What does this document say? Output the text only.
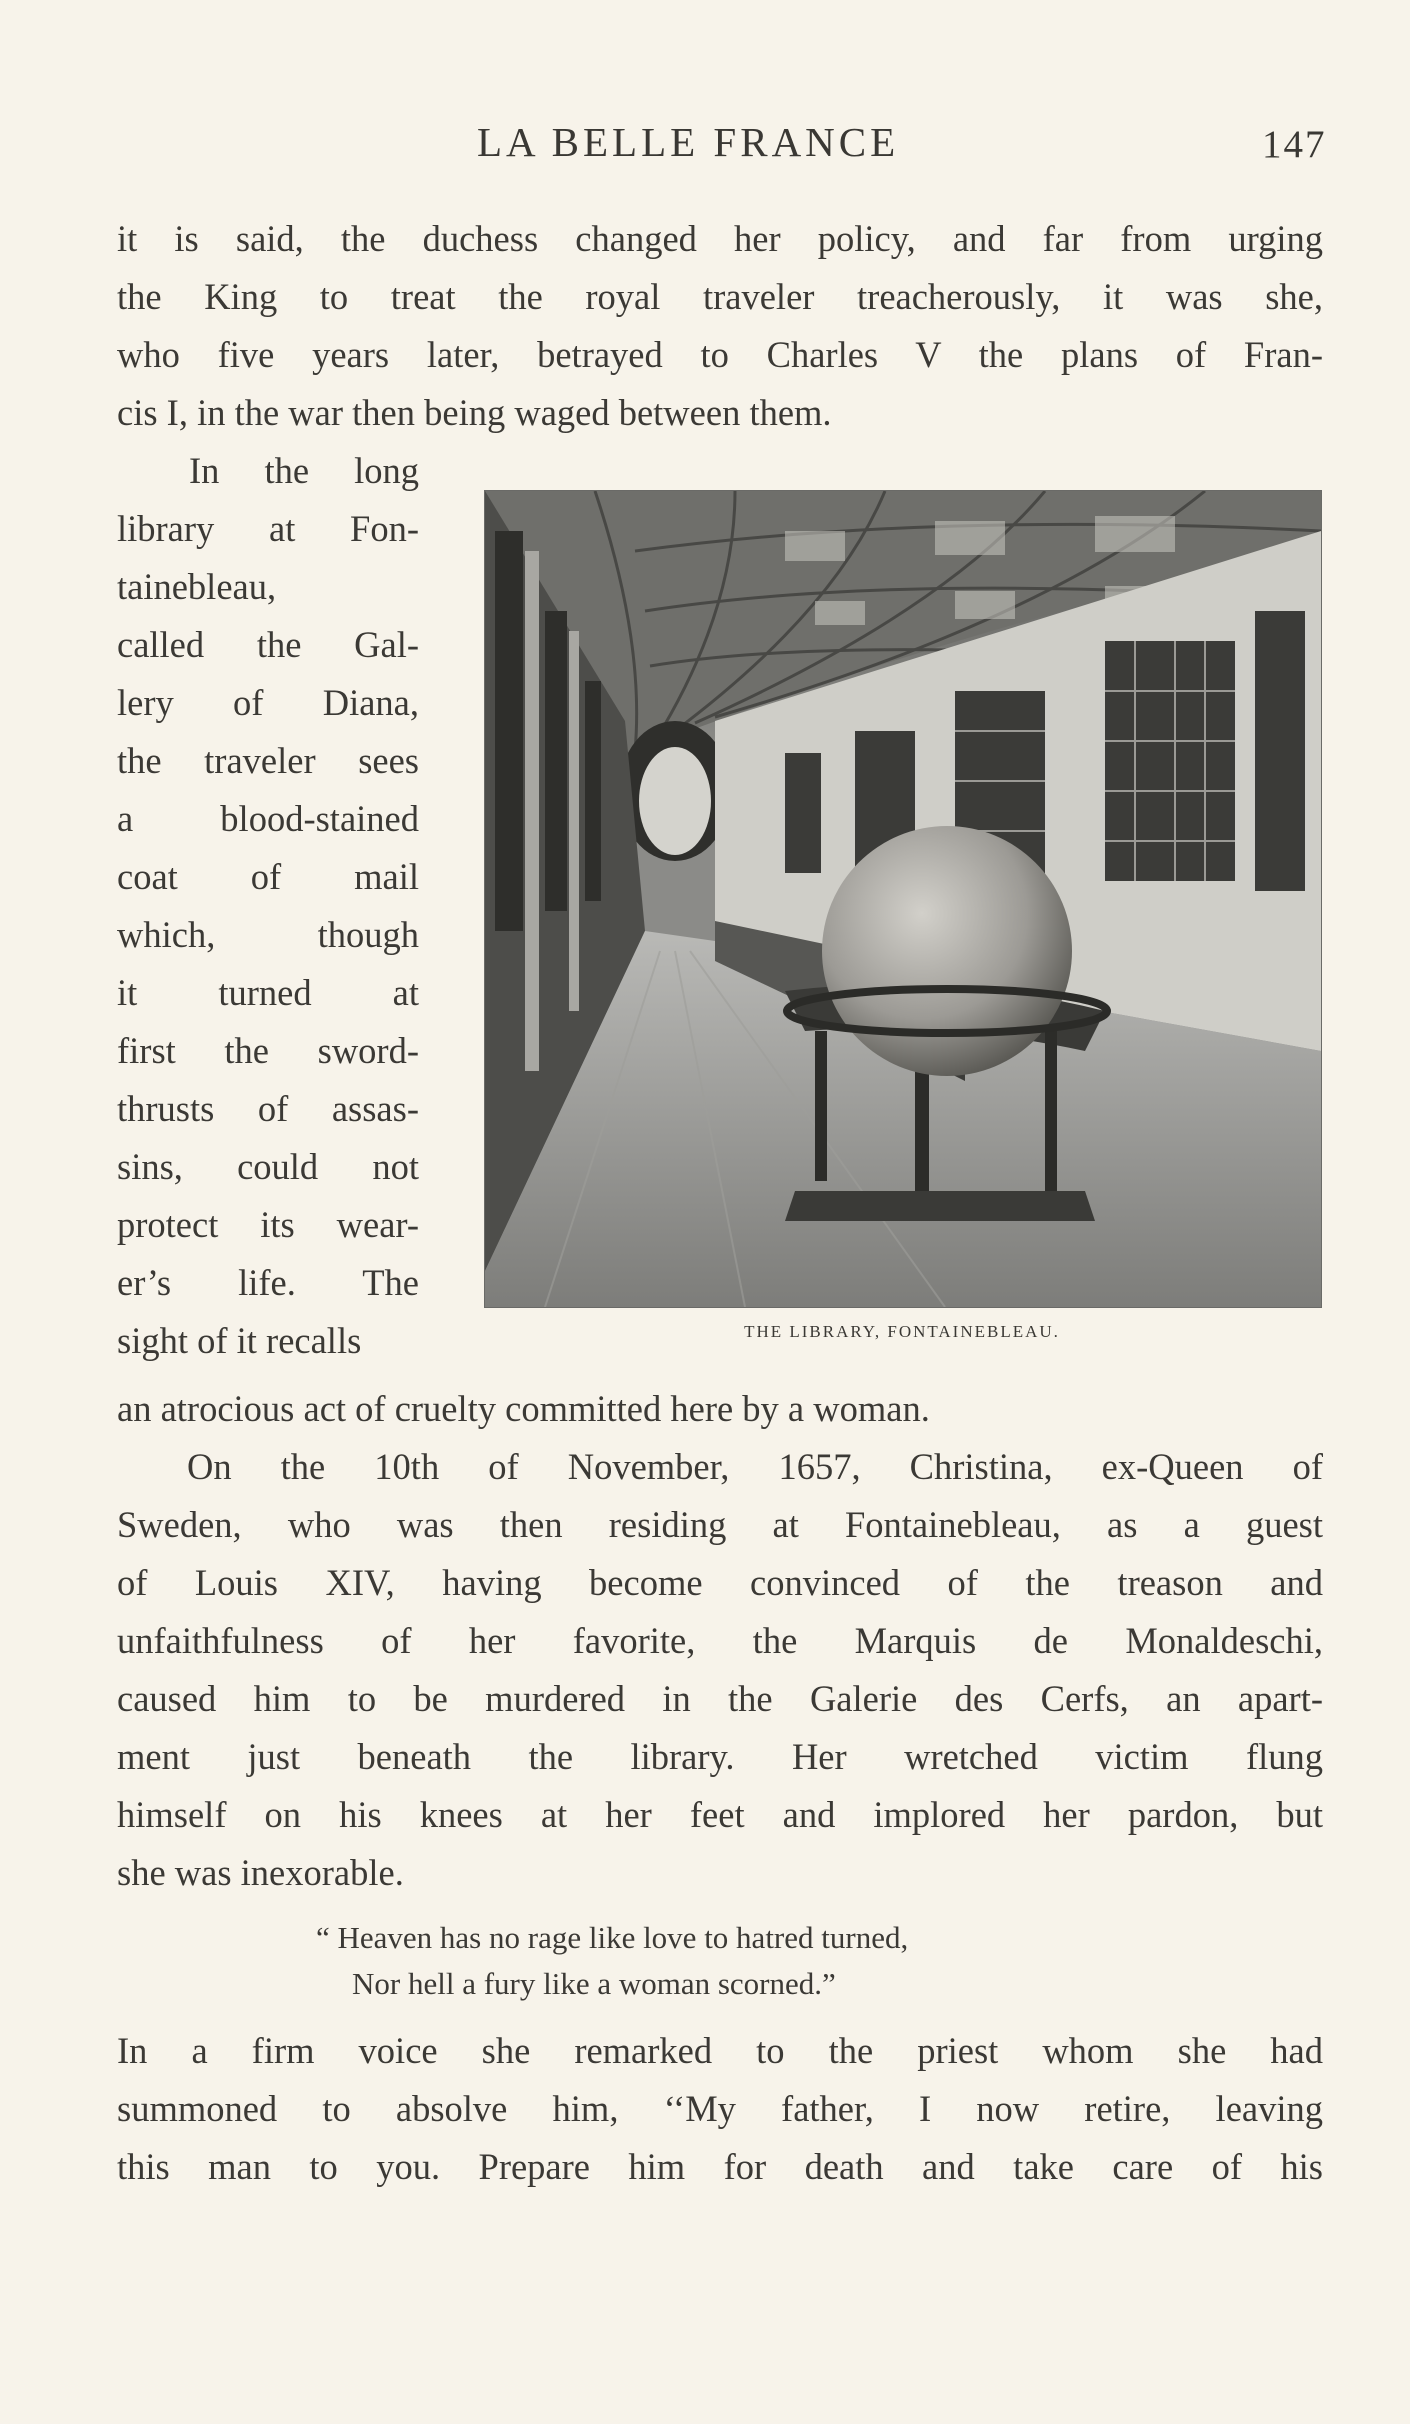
LA BELLE FRANCE	147
it is said, the duchess changed her policy, and far from urging
the King to treat the royal traveler treacherously, it was she,
who five years later, betrayed to Charles V the plans of Fran-
cis I, in the war then being waged between them.
In the long
library at Fon-
tainebleau,
called the Gal-
lery of Diana,
the traveler sees
a blood-stained
coat of mail
which, though
it turned at
first the sword-
thrusts of assas-
sins, could not
protect its wear-
er’s life. The
sight of it recalls	THE LIBRARY, FONTAINEBLEAU.
an atrocious act of cruelty committed here by a woman.
On the 10th of November, 1657, Christina, ex-Queen of
Sweden, who was then residing at Fontainebleau, as a guest
of Louis XIV, having become convinced of the treason and
unfaithfulness of her favorite, the Marquis de Monaldeschi,
caused him to be murdered in the Galerie des Cerfs, an apart-
ment just beneath the library. Her wretched victim flung
himself on his knees at her feet and implored her pardon, but
she was inexorable.
“ Heaven has no rage like love to hatred turned,
Nor hell a fury like a woman scorned.”
In a firm voice she remarked to the priest whom she had
summoned to absolve him, ‘‘My father, I now retire, leaving
this man to you. Prepare him for death and take care of his
